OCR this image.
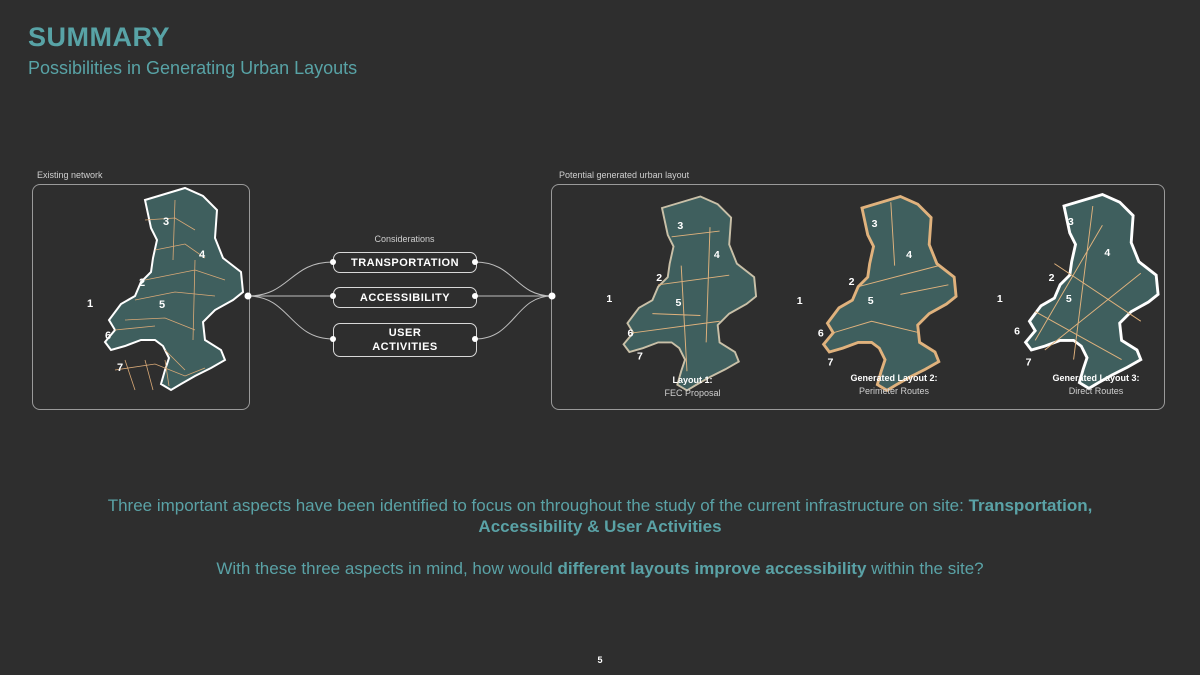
SUMMARY
Possibilities in Generating Urban Layouts
Existing network
Considerations
TRANSPORTATION
ACCESSIBILITY
USER
ACTIVITIES
Potential generated urban layout
3
4
2
1	5
6
7
3
4
2
1	5
6
7
3
4
2
1	5
6
7
3
4
2
1	5
6
7
Layout 1:
FEC Proposal
Generated Layout 2:
Perimeter Routes
Generated Layout 3:
Direct Routes
Three important aspects have been identified to focus on throughout the study of the current infrastructure on site: Transportation, Accessibility & User Activities
With these three aspects in mind, how would different layouts improve accessibility within the site?
5
